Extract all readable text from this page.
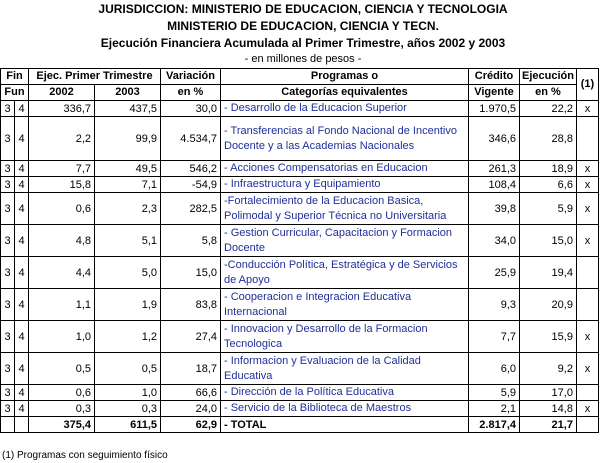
JURISDICCION: MINISTERIO DE EDUCACION, CIENCIA Y TECNOLOGIA
MINISTERIO DE EDUCACION, CIENCIA Y TECN.
Ejecución Financiera Acumulada al Primer Trimestre, años 2002 y 2003
- en millones de pesos -
Fin		Ejec. Primer Trimestre		Variación	Programas o	Crédito	Ejecución	(1)
Fun		2002	2003	en %	Categorías equivalentes	Vigente	en %	
3	4	336,7	437,5	30,0	- Desarrollo de la Educacion Superior	1.970,5	22,2	x
3	4	2,2	99,9	4.534,7	- Transferencias al Fondo Nacional de Incentivo Docente y a las Academias Nacionales	346,6	28,8	
3	4	7,7	49,5	546,2	- Acciones Compensatorias en Educacion	261,3	18,9	x
3	4	15,8	7,1	-54,9	- Infraestructura y Equipamiento	108,4	6,6	x
3	4	0,6	2,3	282,5	-Fortalecimiento de la Educacion Basica, Polimodal y Superior Técnica no Universitaria	39,8	5,9	x
3	4	4,8	5,1	5,8	- Gestion Curricular, Capacitacion y Formacion Docente	34,0	15,0	x
3	4	4,4	5,0	15,0	-Conducción Política, Estratégica y de Servicios de Apoyo	25,9	19,4	
3	4	1,1	1,9	83,8	- Cooperacion e Integracion Educativa Internacional	9,3	20,9	
3	4	1,0	1,2	27,4	- Innovacion y Desarrollo de la Formacion Tecnologica	7,7	15,9	x
3	4	0,5	0,5	18,7	- Informacion y Evaluacion de la Calidad Educativa	6,0	9,2	x
3	4	0,6	1,0	66,6	- Dirección de la Política Educativa	5,9	17,0	
3	4	0,3	0,3	24,0	- Servicio de la Biblioteca de Maestros	2,1	14,8	x
		375,4	611,5	62,9	- TOTAL	2.817,4	21,7	
(1) Programas con seguimiento físico
